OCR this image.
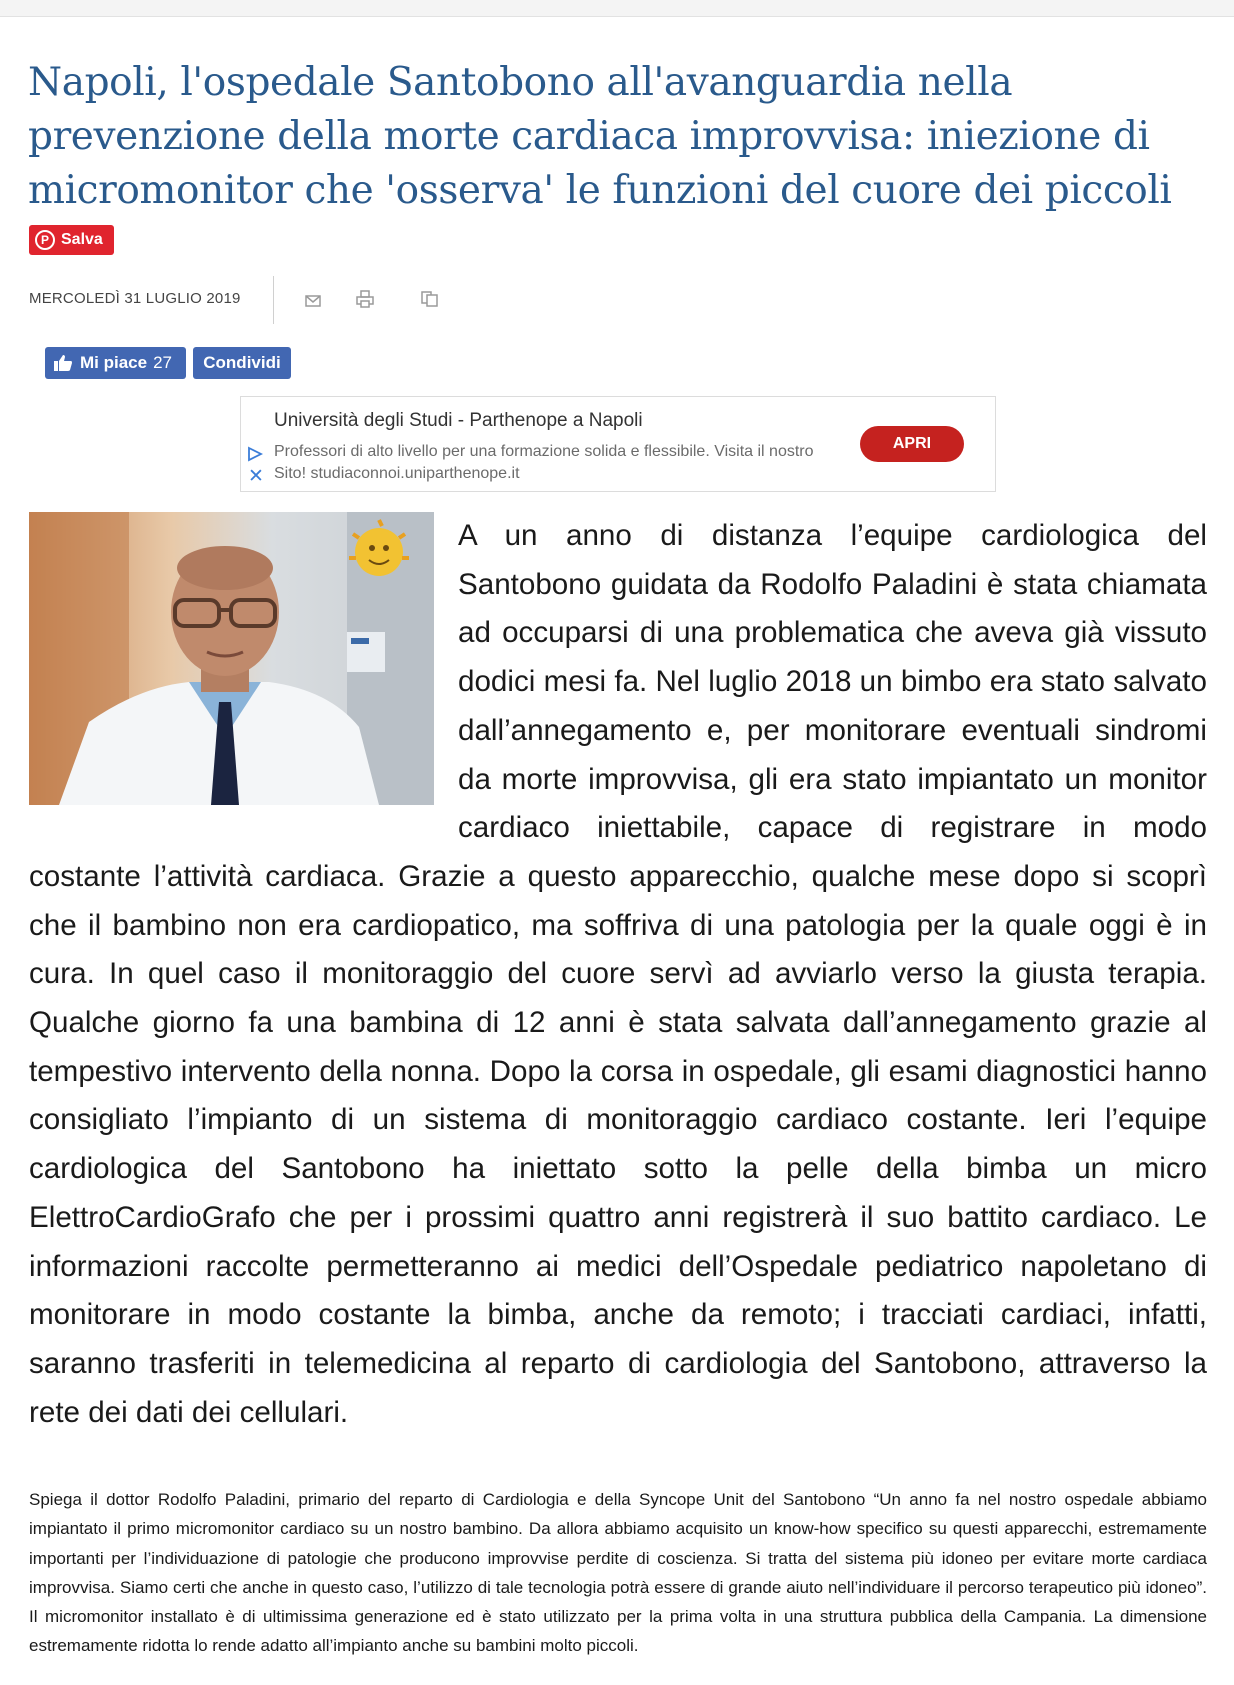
Napoli, l'ospedale Santobono all'avanguardia nella prevenzione della morte cardiaca improvvisa: iniezione di micromonitor che 'osserva' le funzioni del cuore dei piccoli
P Salva
MERCOLEDÌ 31 LUGLIO 2019
Mi piace 27	Condividi
Università degli Studi - Parthenope a Napoli
✕
Professori di alto livello per una formazione solida e flessibile. Visita il nostro Sito! studiaconnoi.uniparthenope.it
APRI

A un anno di distanza l’equipe cardiologica del Santobono guidata da Rodolfo Paladini è stata chiamata ad occuparsi di una problematica che aveva già vissuto dodici mesi fa. Nel luglio 2018 un bimbo era stato salvato dall’annegamento e, per monitorare eventuali sindromi da morte improvvisa, gli era stato impiantato un monitor cardiaco iniettabile, capace di registrare in modo costante l’attività cardiaca. Grazie a questo apparecchio, qualche mese dopo si scoprì che il bambino non era cardiopatico, ma soffriva di una patologia per la quale oggi è in cura. In quel caso il monitoraggio del cuore servì ad avviarlo verso la giusta terapia. Qualche giorno fa una bambina di 12 anni è stata salvata dall’annegamento grazie al tempestivo intervento della nonna. Dopo la corsa in ospedale, gli esami diagnostici hanno consigliato l’impianto di un sistema di monitoraggio cardiaco costante. Ieri l’equipe cardiologica del Santobono ha iniettato sotto la pelle della bimba un micro ElettroCardioGrafo che per i prossimi quattro anni registrerà il suo battito cardiaco. Le informazioni raccolte permetteranno ai medici dell’Ospedale pediatrico napoletano di monitorare in modo costante la bimba, anche da remoto; i tracciati cardiaci, infatti, saranno trasferiti in telemedicina al reparto di cardiologia del Santobono, attraverso la rete dei dati dei cellulari.

Spiega il dottor Rodolfo Paladini, primario del reparto di Cardiologia e della Syncope Unit del Santobono “Un anno fa nel nostro ospedale abbiamo impiantato il primo micromonitor cardiaco su un nostro bambino. Da allora abbiamo acquisito un know-how specifico su questi apparecchi, estremamente importanti per l’individuazione di patologie che producono improvvise perdite di coscienza. Si tratta del sistema più idoneo per evitare morte cardiaca improvvisa. Siamo certi che anche in questo caso, l’utilizzo di tale tecnologia potrà essere di grande aiuto nell’individuare il percorso terapeutico più idoneo”. Il micromonitor installato è di ultimissima generazione ed è stato utilizzato per la prima volta in una struttura pubblica della Campania. La dimensione estremamente ridotta lo rende adatto all’impianto anche su bambini molto piccoli.
